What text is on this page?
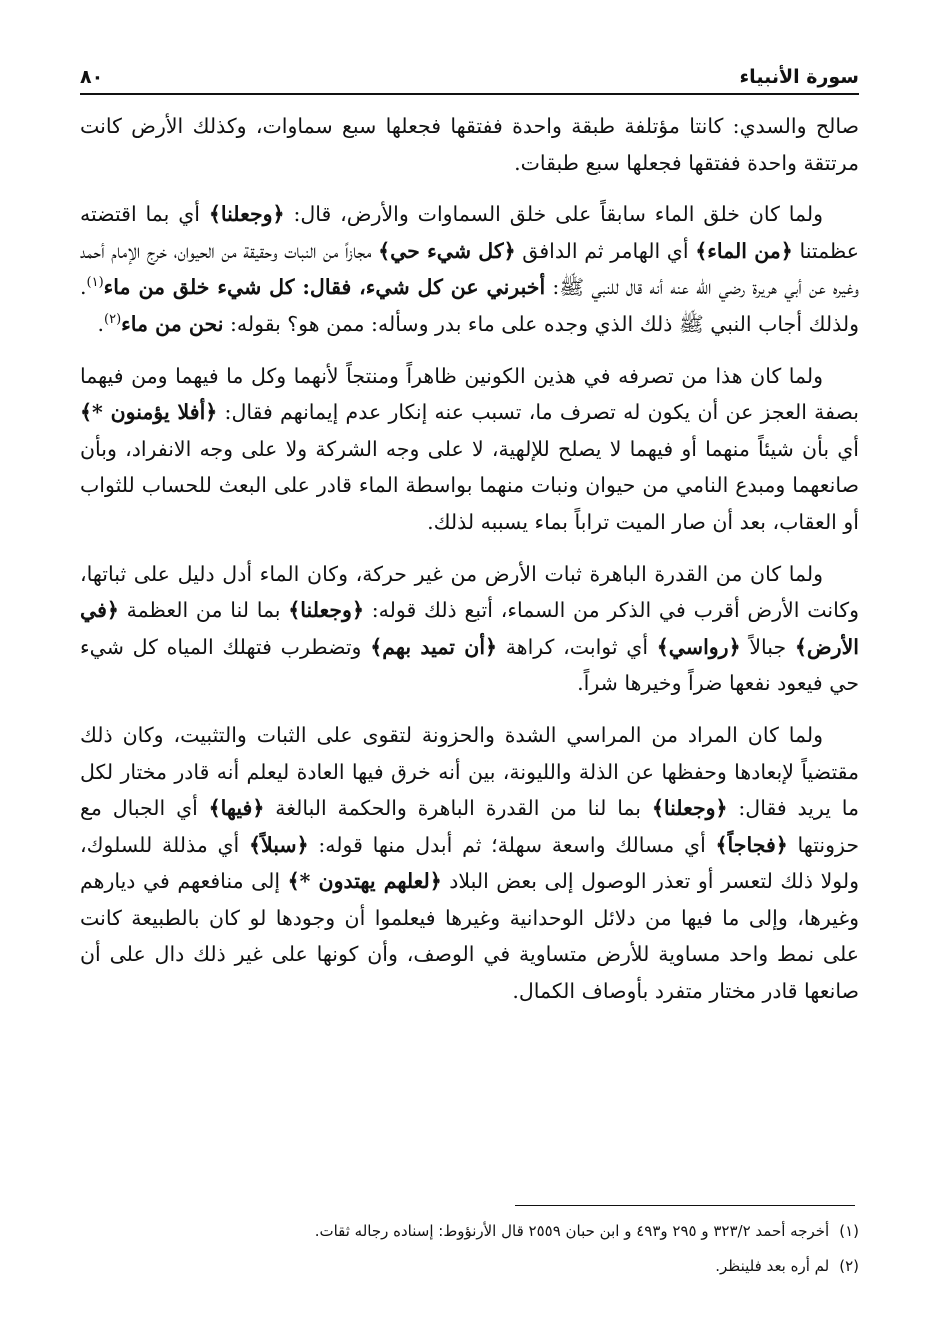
سورة الأنبياء
٨٠

صالح والسدي: كانتا مؤتلفة طبقة واحدة ففتقها فجعلها سبع سماوات، وكذلك الأرض كانت مرتتقة واحدة ففتقها فجعلها سبع طبقات.

ولما كان خلق الماء سابقاً على خلق السماوات والأرض، قال: ﴿وجعلنا﴾ أي بما اقتضته عظمتنا ﴿من الماء﴾ أي الهامر ثم الدافق ﴿كل شيء حي﴾ مجازاً من النبات وحقيقة من الحيوان، خرج الإمام أحمد وغيره عن أبي هريرة رضي الله عنه أنه قال للنبي ﷺ: أخبرني عن كل شيء، فقال: كل شيء خلق من ماء$^{(١)}$. ولذلك أجاب النبي ﷺ ذلك الذي وجده على ماء بدر وسأله: ممن هو؟ بقوله: نحن من ماء$^{(٢)}$.

ولما كان هذا من تصرفه في هذين الكونين ظاهراً ومنتجاً لأنهما وكل ما فيهما ومن فيهما بصفة العجز عن أن يكون له تصرف ما، تسبب عنه إنكار عدم إيمانهم فقال: ﴿أفلا يؤمنون *﴾ أي بأن شيئاً منهما أو فيهما لا يصلح للإلهية، لا على وجه الشركة ولا على وجه الانفراد، وبأن صانعهما ومبدع النامي من حيوان ونبات منهما بواسطة الماء قادر على البعث للحساب للثواب أو العقاب، بعد أن صار الميت تراباً بماء يسببه لذلك.

ولما كان من القدرة الباهرة ثبات الأرض من غير حركة، وكان الماء أدل دليل على ثباتها، وكانت الأرض أقرب في الذكر من السماء، أتبع ذلك قوله: ﴿وجعلنا﴾ بما لنا من العظمة ﴿في الأرض﴾ جبالاً ﴿رواسي﴾ أي ثوابت، كراهة ﴿أن تميد بهم﴾ وتضطرب فتهلك المياه كل شيء حي فيعود نفعها ضراً وخيرها شراً.

ولما كان المراد من المراسي الشدة والحزونة لتقوى على الثبات والتثبيت، وكان ذلك مقتضياً لإبعادها وحفظها عن الذلة والليونة، بين أنه خرق فيها العادة ليعلم أنه قادر مختار لكل ما يريد فقال: ﴿وجعلنا﴾ بما لنا من القدرة الباهرة والحكمة البالغة ﴿فيها﴾ أي الجبال مع حزونتها ﴿فجاجاً﴾ أي مسالك واسعة سهلة؛ ثم أبدل منها قوله: ﴿سبلاً﴾ أي مذللة للسلوك، ولولا ذلك لتعسر أو تعذر الوصول إلى بعض البلاد ﴿لعلهم يهتدون *﴾ إلى منافعهم في ديارهم وغيرها، وإلى ما فيها من دلائل الوحدانية وغيرها فيعلموا أن وجودها لو كان بالطبيعة كانت على نمط واحد مساوية للأرض متساوية في الوصف، وأن كونها على غير ذلك دال على أن صانعها قادر مختار متفرد بأوصاف الكمال.

(١)
أخرجه أحمد ٣٢٣/٢ و ٢٩٥ و٤٩٣ و ابن حبان ٢٥٥٩ قال الأرنؤوط: إسناده رجاله ثقات.
(٢)
لم أره بعد فلينظر.
